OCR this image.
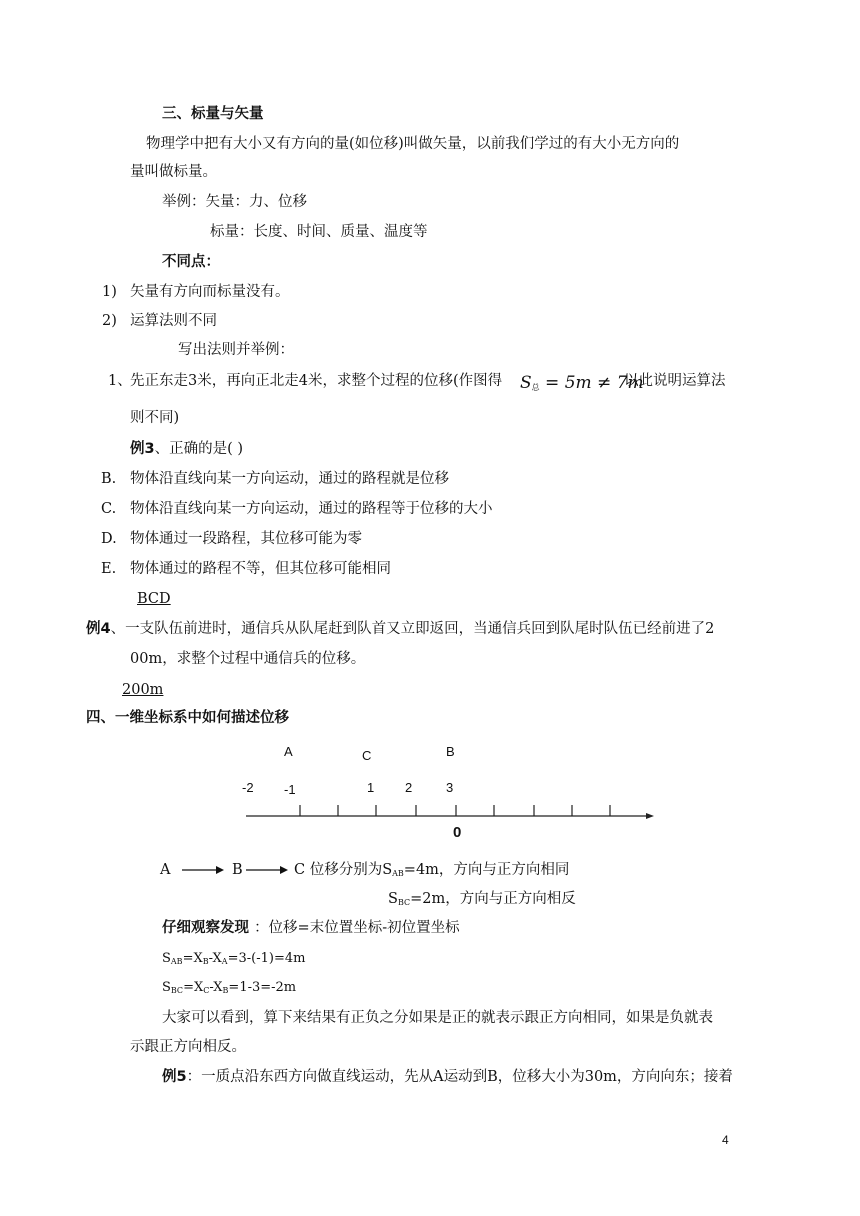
三、标量与矢量
物理学中把有大小又有方向的量(如位移)叫做矢量，以前我们学过的有大小无方向的
量叫做标量。
举例：矢量：力、位移
标量：长度、时间、质量、温度等
不同点：
1) 矢量有方向而标量没有。
2) 运算法则不同
写出法则并举例：
1、
先正东走3米，再向正北走4米，求整个过程的位移(作图得 $S_总 = 5m \ne 7m$
以此说明运算法
则不同)
例3、正确的是( )
B. 物体沿直线向某一方向运动，通过的路程就是位移
C. 物体沿直线向某一方向运动，通过的路程等于位移的大小
D. 物体通过一段路程，其位移可能为零
E. 物体通过的路程不等，但其位移可能相同
BCD
例4、一支队伍前进时，通信兵从队尾赶到队首又立即返回，当通信兵回到队尾时队伍已经前进了2
00m，求整个过程中通信兵的位移。
200m
四、一维坐标系中如何描述位移
A	C	B
-2 -1	1 2	3
0
A	B	C 位移分别为$S_{AB}=4m$，方向与正方向相同
$S_{BC}=2m$，方向与正方向相反
仔细观察发现 ：位移=末位置坐标-初位置坐标
$S_{AB}=X_B-X_A=3-(-1)=4m$
$S_{BC}=X_C-X_B=1-3=-2m$
大家可以看到，算下来结果有正负之分如果是正的就表示跟正方向相同，如果是负就表
示跟正方向相反。
例5：一质点沿东西方向做直线运动，先从A运动到B，位移大小为30m，方向向东；接着
4
